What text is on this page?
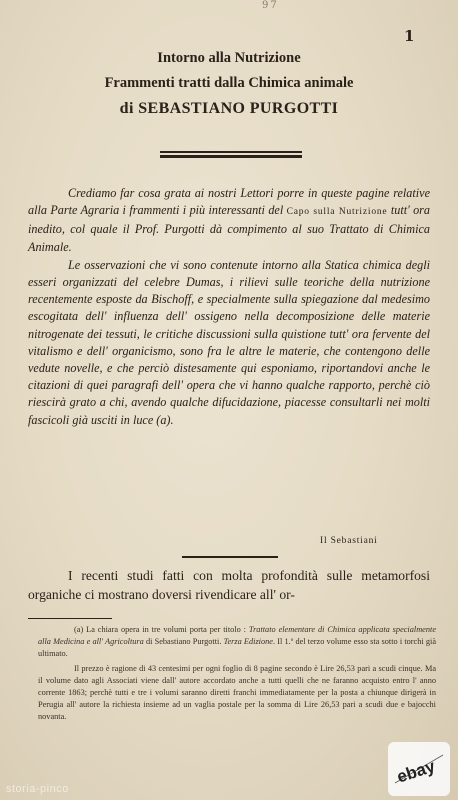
97
1

Intorno alla Nutrizione

Frammenti tratti dalla Chimica animale

di SEBASTIANO PURGOTTI

Crediamo far cosa grata ai nostri Lettori porre in queste pagine relative alla Parte Agraria i frammenti i più interessanti del Capo sulla Nutrizione tutt' ora inedito, col quale il Prof. Purgotti dà compimento al suo Trattato di Chimica Animale.

Le osservazioni che vi sono contenute intorno alla Statica chimica degli esseri organizzati del celebre Dumas, i rilievi sulle teoriche della nutrizione recentemente esposte da Bischoff, e specialmente sulla spiegazione dal medesimo escogitata dell' influenza dell' ossigeno nella decomposizione delle materie nitrogenate dei tessuti, le critiche discussioni sulla quistione tutt' ora fervente del vitalismo e dell' organicismo, sono fra le altre le materie, che contengono delle vedute novelle, e che perciò distesamente qui esponiamo, riportandovi anche le citazioni di quei paragrafi dell' opera che vi hanno qualche rapporto, perchè ciò riescirà grato a chi, avendo qualche difucidazione, piacesse consultarli nei molti fascicoli già usciti in luce (a).

Il Sebastiani

I recenti studi fatti con molta profondità sulle metamorfosi organiche ci mostrano doversi rivendicare all' or-

(a) La chiara opera in tre volumi porta per titolo : Trattato elementare di Chimica applicata specialmente alla Medicina e all' Agricoltura di Sebastiano Purgotti. Terza Edizione. Il 1.º del terzo volume esso sta sotto i torchi già ultimato.

Il prezzo è ragione di 43 centesimi per ogni foglio di 8 pagine secondo è Lire 26,53 pari a scudi cinque. Ma il volume dato agli Associati viene dall' autore accordato anche a tutti quelli che ne faranno acquisto entro l' anno corrente 1863; perchè tutti e tre i volumi saranno diretti franchi immediatamente per la posta a chiunque dirigerà in Perugia all' autore la richiesta insieme ad un vaglia postale per la somma di Lire 26,53 pari a scudi due e bajocchi novanta.

storia-pinco
ebay
